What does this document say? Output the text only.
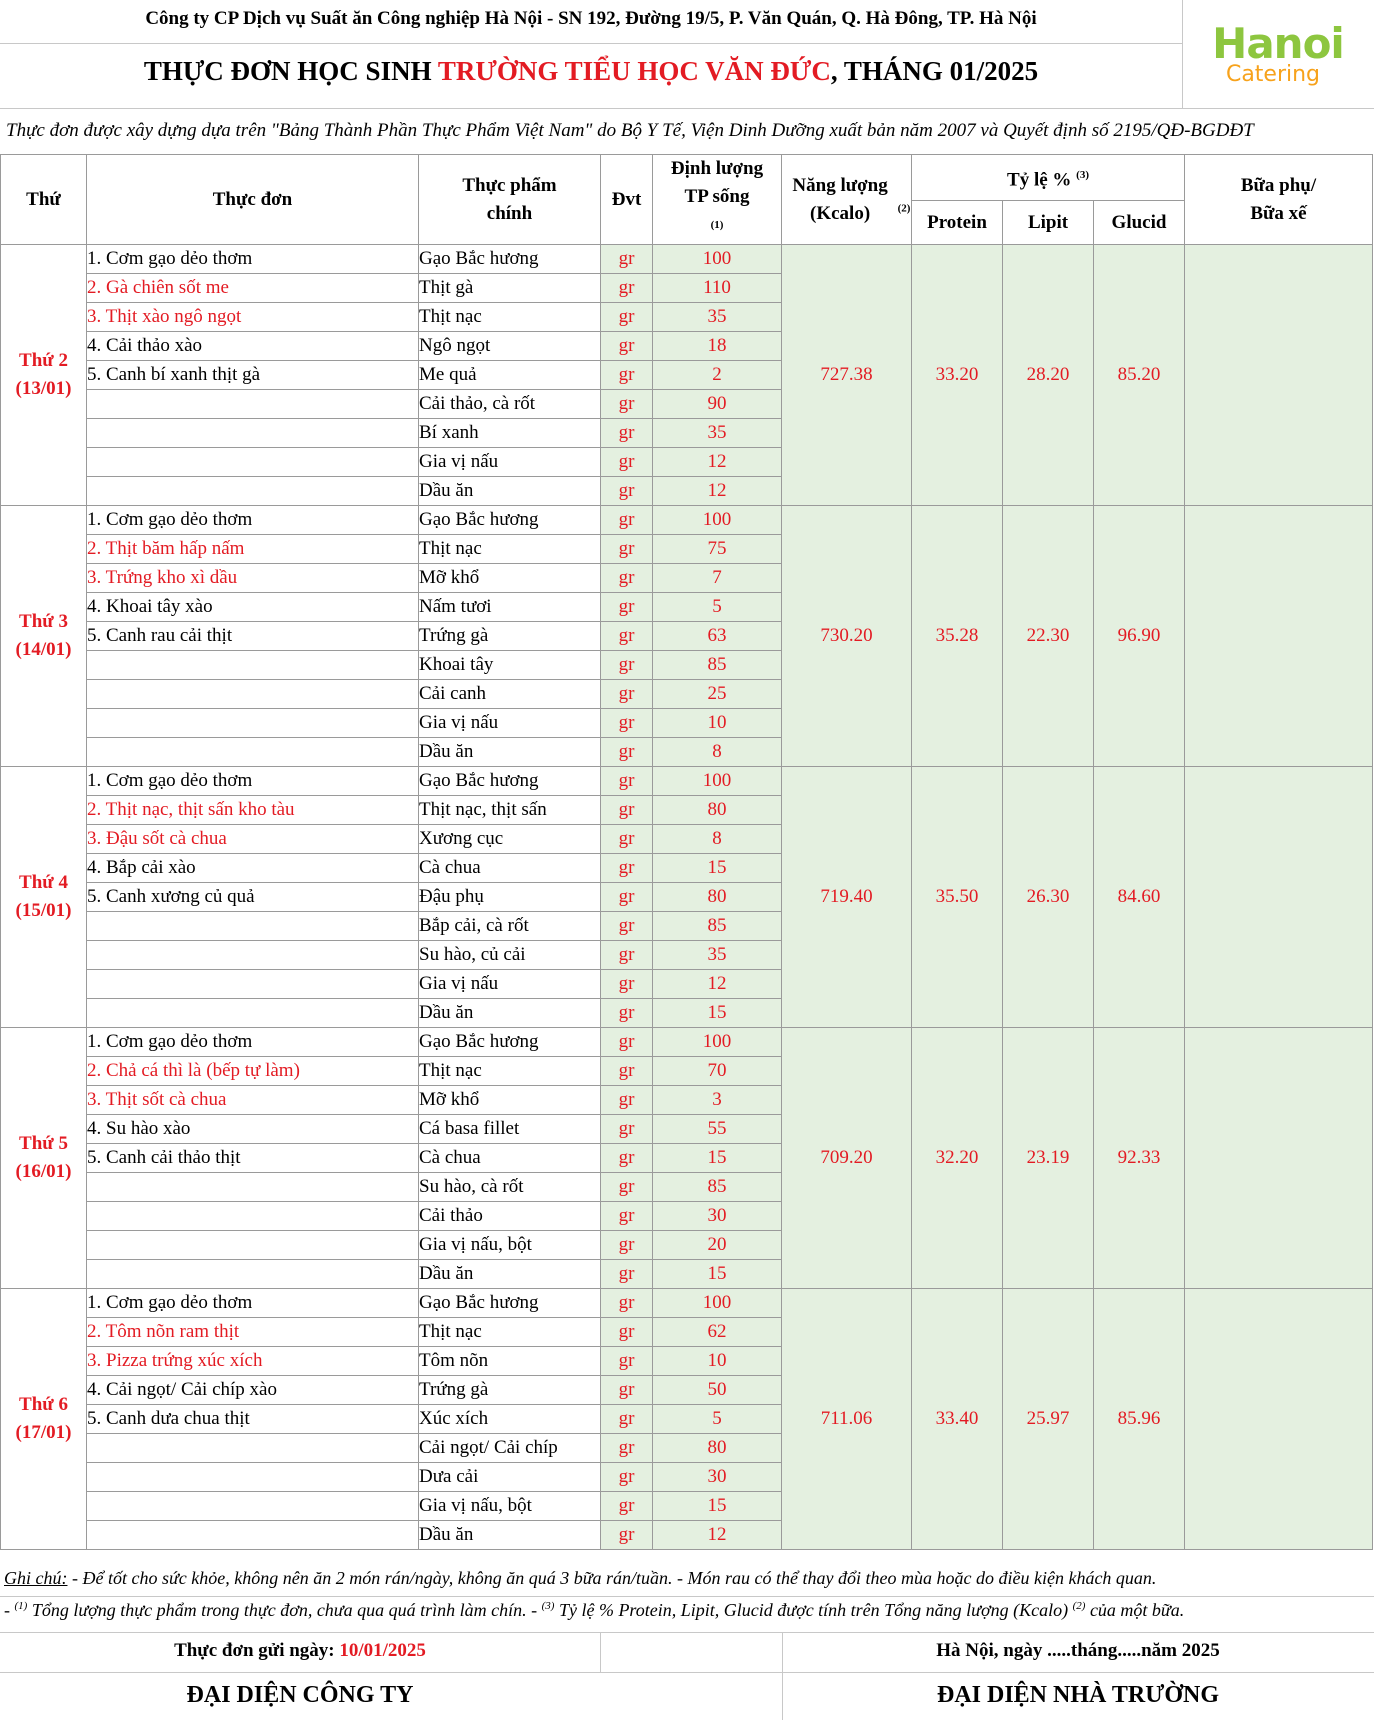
Công ty CP Dịch vụ Suất ăn Công nghiệp Hà Nội - SN 192, Đường 19/5, P. Văn Quán, Q. Hà Đông, TP. Hà Nội
THỰC ĐƠN HỌC SINH TRƯỜNG TIỂU HỌC VĂN ĐỨC, THÁNG 01/2025
Hanoi
Catering
Thực đơn được xây dựng dựa trên "Bảng Thành Phần Thực Phẩm Việt Nam" do Bộ Y Tế, Viện Dinh Dưỡng xuất bản năm 2007 và Quyết định số 2195/QĐ-BGDĐT
Thứ	Thực đơn	Thực phẩm chính	Đvt	Định lượng TP sống$^{(1)}$	Năng lượng (Kcalo) $^{(2)}$	Tỷ lệ % $^{(3)}$			Bữa phụ/ Bữa xế
						Protein	Lipit	Glucid	

Thứ 2
(13/01)	1. Cơm gạo dẻo thơm	Gạo Bắc hương	gr	100	727.38	33.20	28.20	85.20	
	2. Gà chiên sốt me	Thịt gà	gr	110					
	3. Thịt xào ngô ngọt	Thịt nạc	gr	35					
	4. Cải thảo xào	Ngô ngọt	gr	18					
	5. Canh bí xanh thịt gà	Me quả	gr	2					
		Cải thảo, cà rốt	gr	90					
		Bí xanh	gr	35					
		Gia vị nấu	gr	12					
		Dầu ăn	gr	12					

Thứ 3
(14/01)	1. Cơm gạo dẻo thơm	Gạo Bắc hương	gr	100	730.20	35.28	22.30	96.90	
	2. Thịt băm hấp nấm	Thịt nạc	gr	75					
	3. Trứng kho xì dầu	Mỡ khổ	gr	7					
	4. Khoai tây xào	Nấm tươi	gr	5					
	5. Canh rau cải thịt	Trứng gà	gr	63					
		Khoai tây	gr	85					
		Cải canh	gr	25					
		Gia vị nấu	gr	10					
		Dầu ăn	gr	8					

Thứ 4
(15/01)	1. Cơm gạo dẻo thơm	Gạo Bắc hương	gr	100	719.40	35.50	26.30	84.60	
	2. Thịt nạc, thịt sấn kho tàu	Thịt nạc, thịt sấn	gr	80					
	3. Đậu sốt cà chua	Xương cục	gr	8					
	4. Bắp cải xào	Cà chua	gr	15					
	5. Canh xương củ quả	Đậu phụ	gr	80					
		Bắp cải, cà rốt	gr	85					
		Su hào, củ cải	gr	35					
		Gia vị nấu	gr	12					
		Dầu ăn	gr	15					

Thứ 5
(16/01)	1. Cơm gạo dẻo thơm	Gạo Bắc hương	gr	100	709.20	32.20	23.19	92.33	
	2. Chả cá thì là (bếp tự làm)	Thịt nạc	gr	70					
	3. Thịt sốt cà chua	Mỡ khổ	gr	3					
	4. Su hào xào	Cá basa fillet	gr	55					
	5. Canh cải thảo thịt	Cà chua	gr	15					
		Su hào, cà rốt	gr	85					
		Cải thảo	gr	30					
		Gia vị nấu, bột	gr	20					
		Dầu ăn	gr	15					

Thứ 6
(17/01)	1. Cơm gạo dẻo thơm	Gạo Bắc hương	gr	100	711.06	33.40	25.97	85.96	
	2. Tôm nõn ram thịt	Thịt nạc	gr	62					
	3. Pizza trứng xúc xích	Tôm nõn	gr	10					
	4. Cải ngọt/ Cải chíp xào	Trứng gà	gr	50					
	5. Canh dưa chua thịt	Xúc xích	gr	5					
		Cải ngọt/ Cải chíp	gr	80					
		Dưa cải	gr	30					
		Gia vị nấu, bột	gr	15					
		Dầu ăn	gr	12					
Ghi chú: - Để tốt cho sức khỏe, không nên ăn 2 món rán/ngày, không ăn quá 3 bữa rán/tuần. - Món rau có thể thay đổi theo mùa hoặc do điều kiện khách quan.
- $^{(1)}$ Tổng lượng thực phẩm trong thực đơn, chưa qua quá trình làm chín. - $^{(3)}$ Tỷ lệ % Protein, Lipit, Glucid được tính trên Tổng năng lượng (Kcalo) $^{(2)}$ của một bữa.
Thực đơn gửi ngày: 10/01/2025	Hà Nội, ngày .....tháng.....năm 2025
ĐẠI DIỆN CÔNG TY	ĐẠI DIỆN NHÀ TRƯỜNG
